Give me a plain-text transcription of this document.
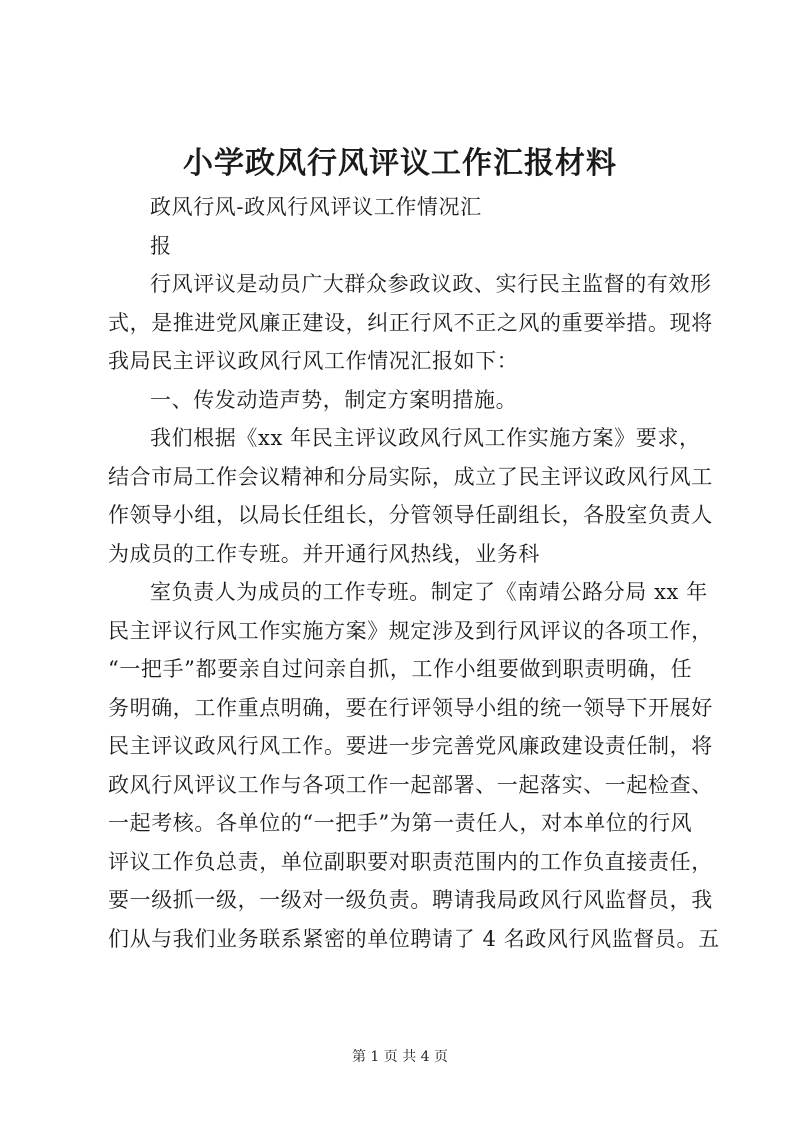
小学政风行风评议工作汇报材料
政风行风-政风行风评议工作情况汇
报
行风评议是动员广大群众参政议政、实行民主监督的有效形
式，是推进党风廉正建设，纠正行风不正之风的重要举措。现将
我局民主评议政风行风工作情况汇报如下：
一、传发动造声势，制定方案明措施。
我们根据《xx 年民主评议政风行风工作实施方案》要求，
结合市局工作会议精神和分局实际，成立了民主评议政风行风工
作领导小组，以局长任组长，分管领导任副组长，各股室负责人
为成员的工作专班。并开通行风热线，业务科
室负责人为成员的工作专班。制定了《南靖公路分局 xx 年
民主评议行风工作实施方案》规定涉及到行风评议的各项工作，
“一把手”都要亲自过问亲自抓，工作小组要做到职责明确，任
务明确，工作重点明确，要在行评领导小组的统一领导下开展好
民主评议政风行风工作。要进一步完善党风廉政建设责任制，将
政风行风评议工作与各项工作一起部署、一起落实、一起检查、
一起考核。各单位的“一把手”为第一责任人，对本单位的行风
评议工作负总责，单位副职要对职责范围内的工作负直接责任，
要一级抓一级，一级对一级负责。聘请我局政风行风监督员，我
们从与我们业务联系紧密的单位聘请了 4 名政风行风监督员。五
第 1 页 共 4 页
